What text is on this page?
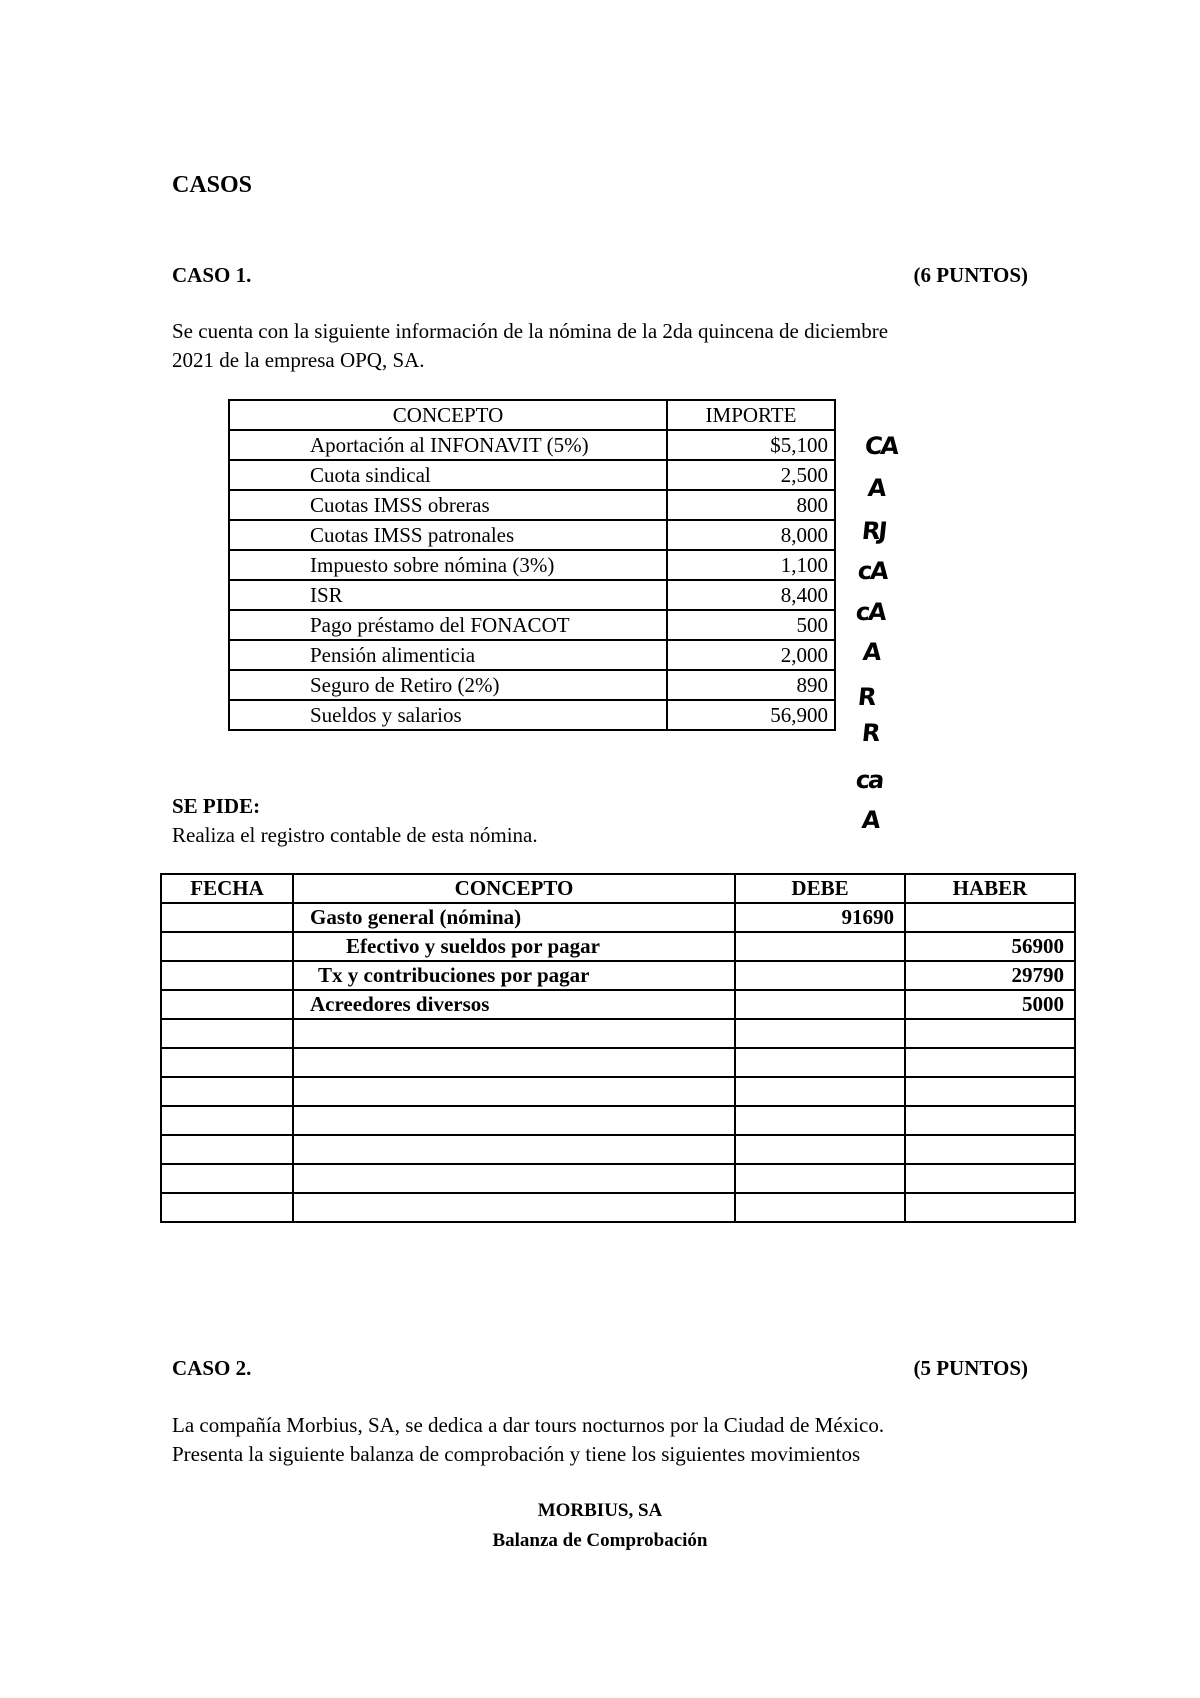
CASOS
CASO 1.	(6 PUNTOS)
Se cuenta con la siguiente información de la nómina de la 2da quincena de diciembre
2021 de la empresa OPQ, SA.
CONCEPTO	IMPORTE
Aportación al INFONAVIT (5%)	$5,100
Cuota sindical	2,500
Cuotas IMSS obreras	800
Cuotas IMSS patronales	8,000
Impuesto sobre nómina (3%)	1,100
ISR	8,400
Pago préstamo del FONACOT	500
Pensión alimenticia	2,000
Seguro de Retiro (2%)	890
Sueldos y salarios	56,900
CA
A
RJ
cA
cA
A
R
R
ca
A
SE PIDE:
Realiza el registro contable de esta nómina.
FECHA	CONCEPTO	DEBE	HABER
	Gasto general (nómina)	91690	
	Efectivo y sueldos por pagar		56900
	Tx y contribuciones por pagar		29790
	Acreedores diversos		5000

CASO 2.	(5 PUNTOS)
La compañía Morbius, SA, se dedica a dar tours nocturnos por la Ciudad de México.
Presenta la siguiente balanza de comprobación y tiene los siguientes movimientos
MORBIUS, SA
Balanza de Comprobación
